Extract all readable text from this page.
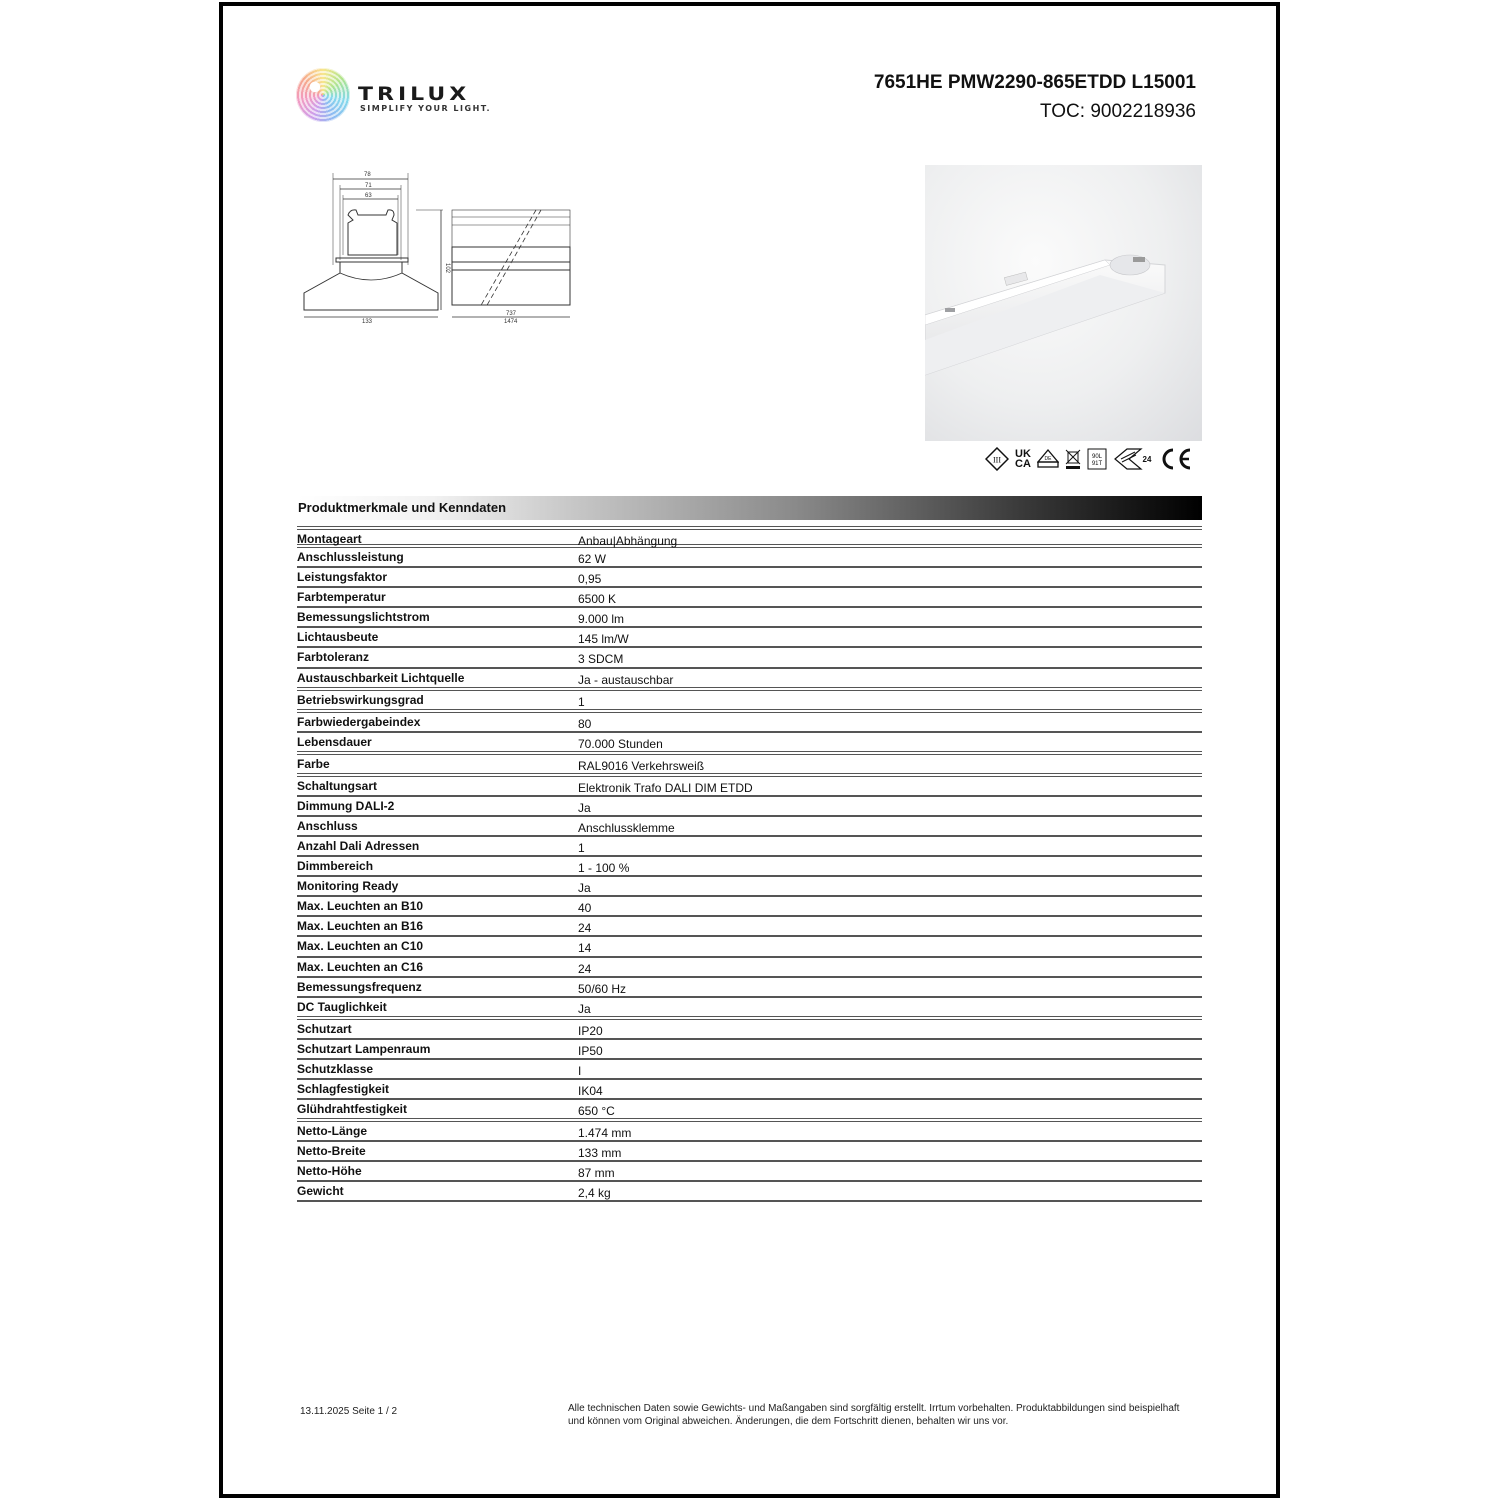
TRILUX
SIMPLIFY YOUR LIGHT.
7651HE PMW2290-865ETDD L15001
TOC: 9002218936
78
71
63
133
102
737
1474
III UK
CA	DE	90L
91T	24
Produktmerkmale und Kenndaten
Montageart	Anbau|Abhängung
Anschlussleistung	62 W
Leistungsfaktor	0,95
Farbtemperatur	6500 K
Bemessungslichtstrom	9.000 lm
Lichtausbeute	145 lm/W
Farbtoleranz	3 SDCM
Austauschbarkeit Lichtquelle	Ja - austauschbar
Betriebswirkungsgrad	1
Farbwiedergabeindex	80
Lebensdauer	70.000 Stunden
Farbe	RAL9016 Verkehrsweiß
Schaltungsart	Elektronik Trafo DALI DIM ETDD
Dimmung DALI-2	Ja
Anschluss	Anschlussklemme
Anzahl Dali Adressen	1
Dimmbereich	1 - 100 %
Monitoring Ready	Ja
Max. Leuchten an B10	40
Max. Leuchten an B16	24
Max. Leuchten an C10	14
Max. Leuchten an C16	24
Bemessungsfrequenz	50/60 Hz
DC Tauglichkeit	Ja
Schutzart	IP20
Schutzart Lampenraum	IP50
Schutzklasse	I
Schlagfestigkeit	IK04
Glühdrahtfestigkeit	650 °C
Netto-Länge	1.474 mm
Netto-Breite	133 mm
Netto-Höhe	87 mm
Gewicht	2,4 kg
13.11.2025 Seite 1 / 2	Alle technischen Daten sowie Gewichts- und Maßangaben sind sorgfältig erstellt. Irrtum vorbehalten. Produktabbildungen sind beispielhaft und können vom Original abweichen. Änderungen, die dem Fortschritt dienen, behalten wir uns vor.
